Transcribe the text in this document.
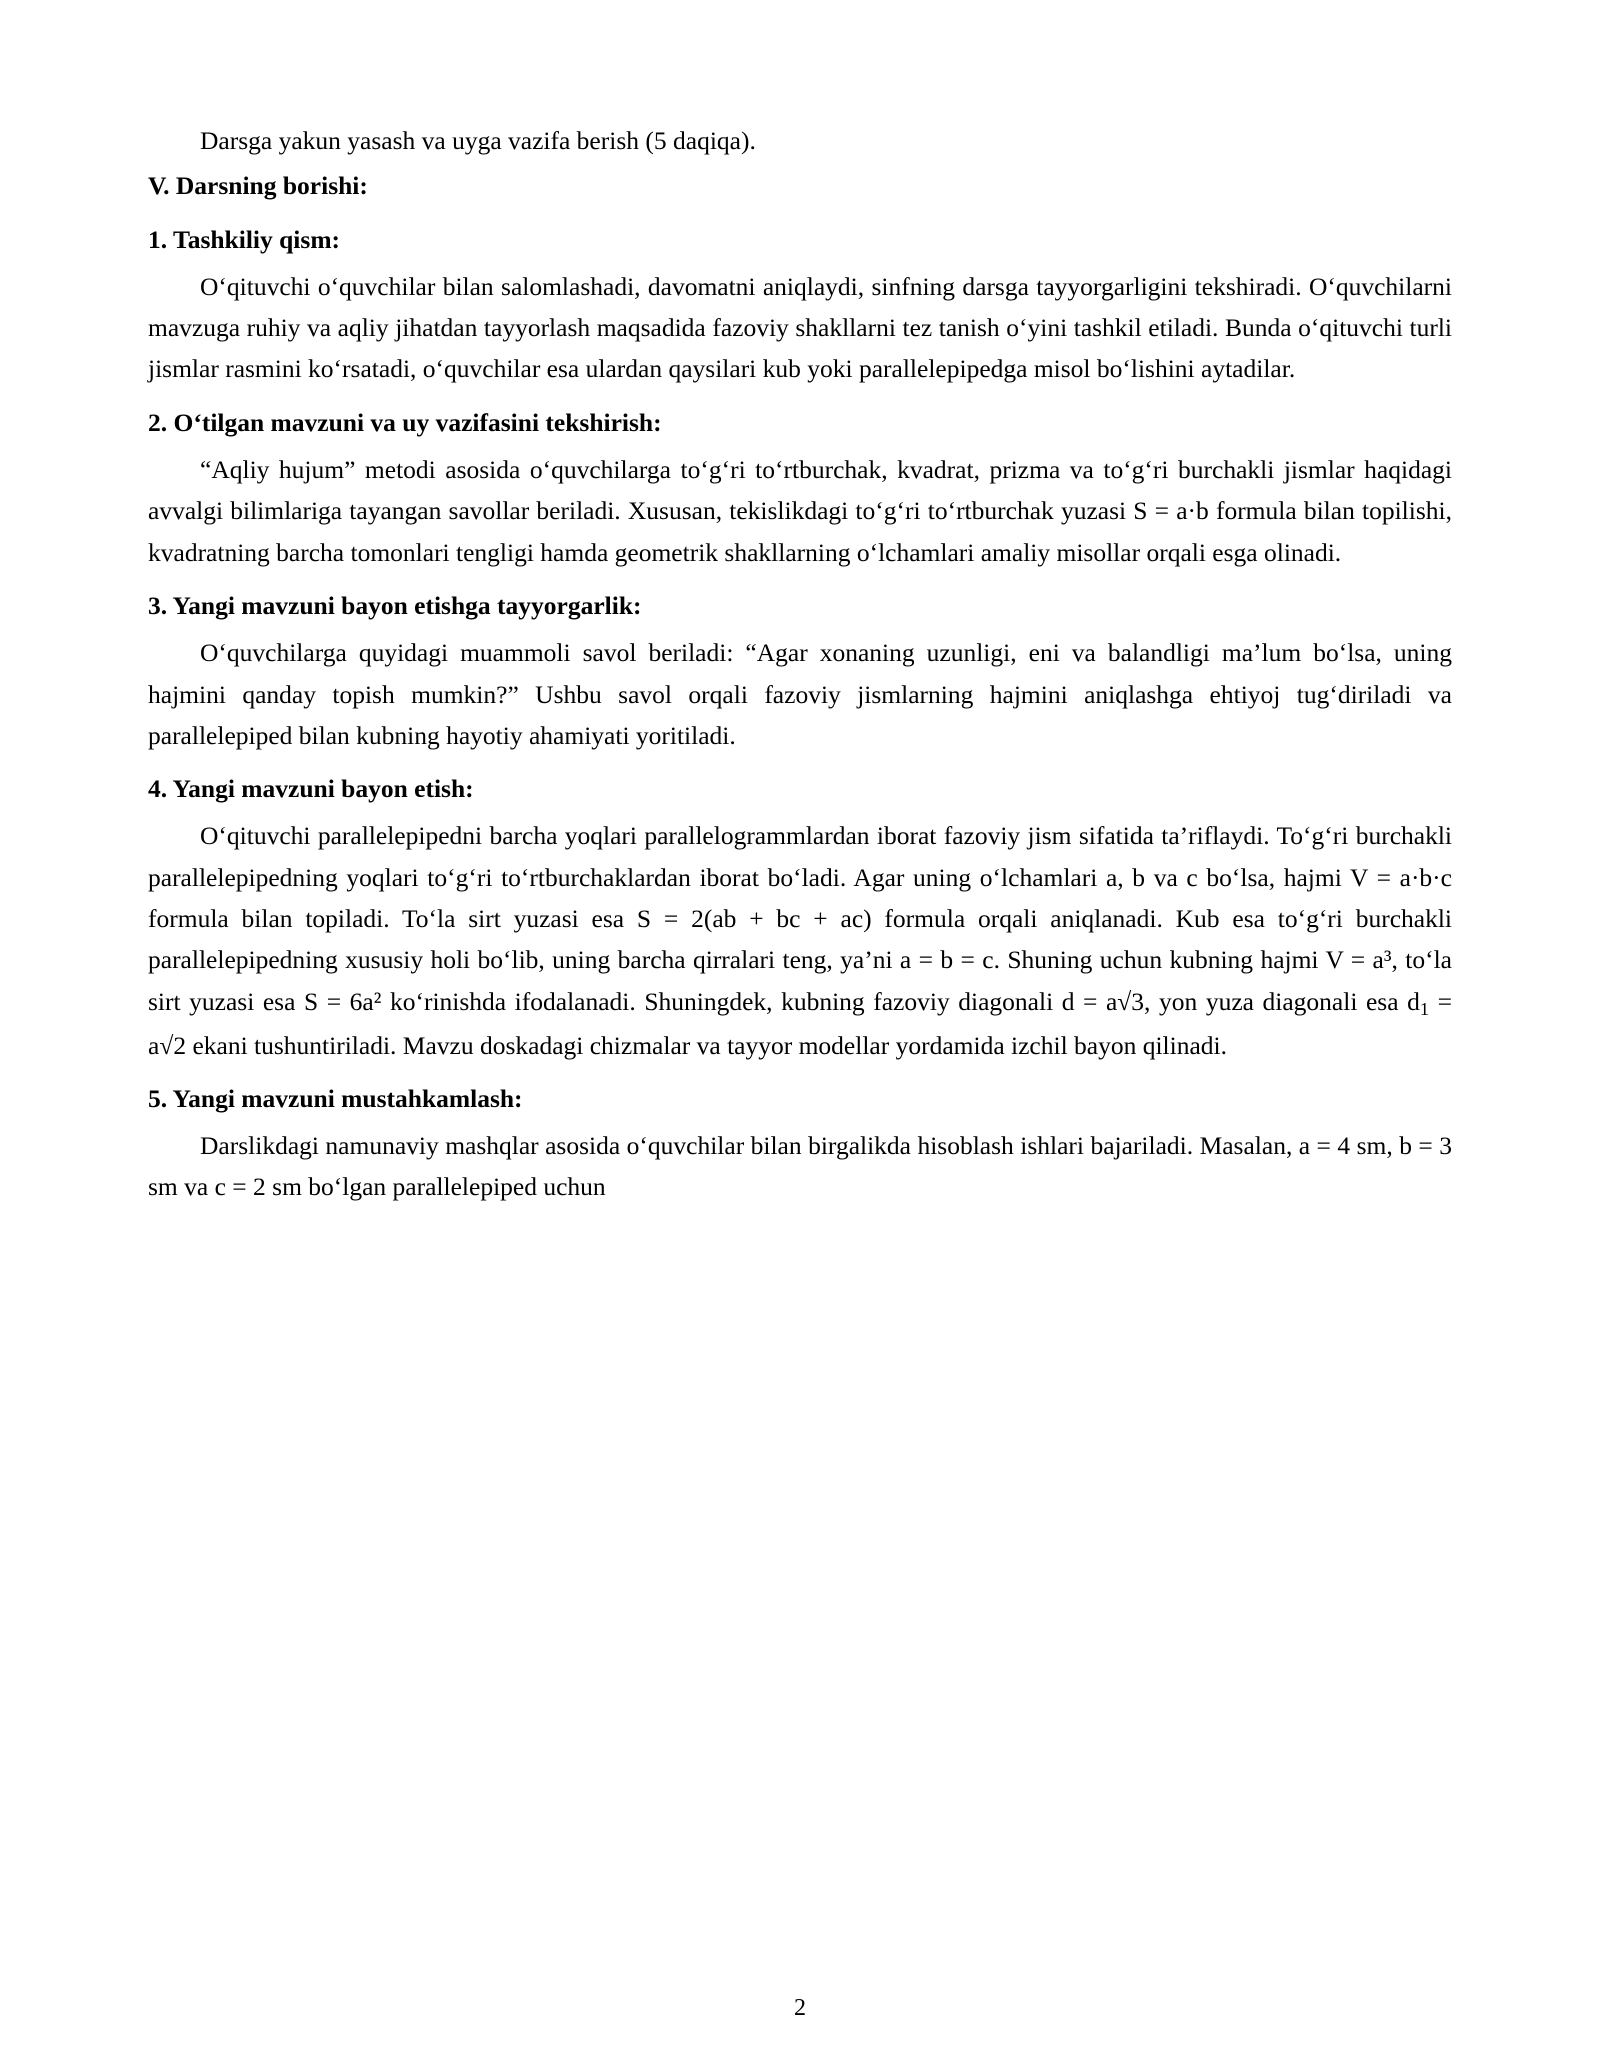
Darsga yakun yasash va uyga vazifa berish (5 daqiqa).

V. Darsning borishi:

1. Tashkiliy qism:

O‘qituvchi o‘quvchilar bilan salomlashadi, davomatni aniqlaydi, sinfning darsga tayyorgarligini tekshiradi. O‘quvchilarni mavzuga ruhiy va aqliy jihatdan tayyorlash maqsadida fazoviy shakllarni tez tanish o‘yini tashkil etiladi. Bunda o‘qituvchi turli jismlar rasmini ko‘rsatadi, o‘quvchilar esa ulardan qaysilari kub yoki parallelepipedga misol bo‘lishini aytadilar.

2. O‘tilgan mavzuni va uy vazifasini tekshirish:

“Aqliy hujum” metodi asosida o‘quvchilarga to‘g‘ri to‘rtburchak, kvadrat, prizma va to‘g‘ri burchakli jismlar haqidagi avvalgi bilimlariga tayangan savollar beriladi. Xususan, tekislikdagi to‘g‘ri to‘rtburchak yuzasi S = a·b formula bilan topilishi, kvadratning barcha tomonlari tengligi hamda geometrik shakllarning o‘lchamlari amaliy misollar orqali esga olinadi.

3. Yangi mavzuni bayon etishga tayyorgarlik:

O‘quvchilarga quyidagi muammoli savol beriladi: “Agar xonaning uzunligi, eni va balandligi ma’lum bo‘lsa, uning hajmini qanday topish mumkin?” Ushbu savol orqali fazoviy jismlarning hajmini aniqlashga ehtiyoj tug‘diriladi va parallelepiped bilan kubning hayotiy ahamiyati yoritiladi.

4. Yangi mavzuni bayon etish:

O‘qituvchi parallelepipedni barcha yoqlari parallelogrammlardan iborat fazoviy jism sifatida ta’riflaydi. To‘g‘ri burchakli parallelepipedning yoqlari to‘g‘ri to‘rtburchaklardan iborat bo‘ladi. Agar uning o‘lchamlari a, b va c bo‘lsa, hajmi V = a·b·c formula bilan topiladi. To‘la sirt yuzasi esa S = 2(ab + bc + ac) formula orqali aniqlanadi. Kub esa to‘g‘ri burchakli parallelepipedning xususiy holi bo‘lib, uning barcha qirralari teng, ya’ni a = b = c. Shuning uchun kubning hajmi V = a³, to‘la sirt yuzasi esa S = 6a² ko‘rinishda ifodalanadi. Shuningdek, kubning fazoviy diagonali d = a√3, yon yuza diagonali esa $d_1 = a√2$ ekani tushuntiriladi. Mavzu doskadagi chizmalar va tayyor modellar yordamida izchil bayon qilinadi.

5. Yangi mavzuni mustahkamlash:

Darslikdagi namunaviy mashqlar asosida o‘quvchilar bilan birgalikda hisoblash ishlari bajariladi. Masalan, a = 4 sm, b = 3 sm va c = 2 sm bo‘lgan parallelepiped uchun

2
